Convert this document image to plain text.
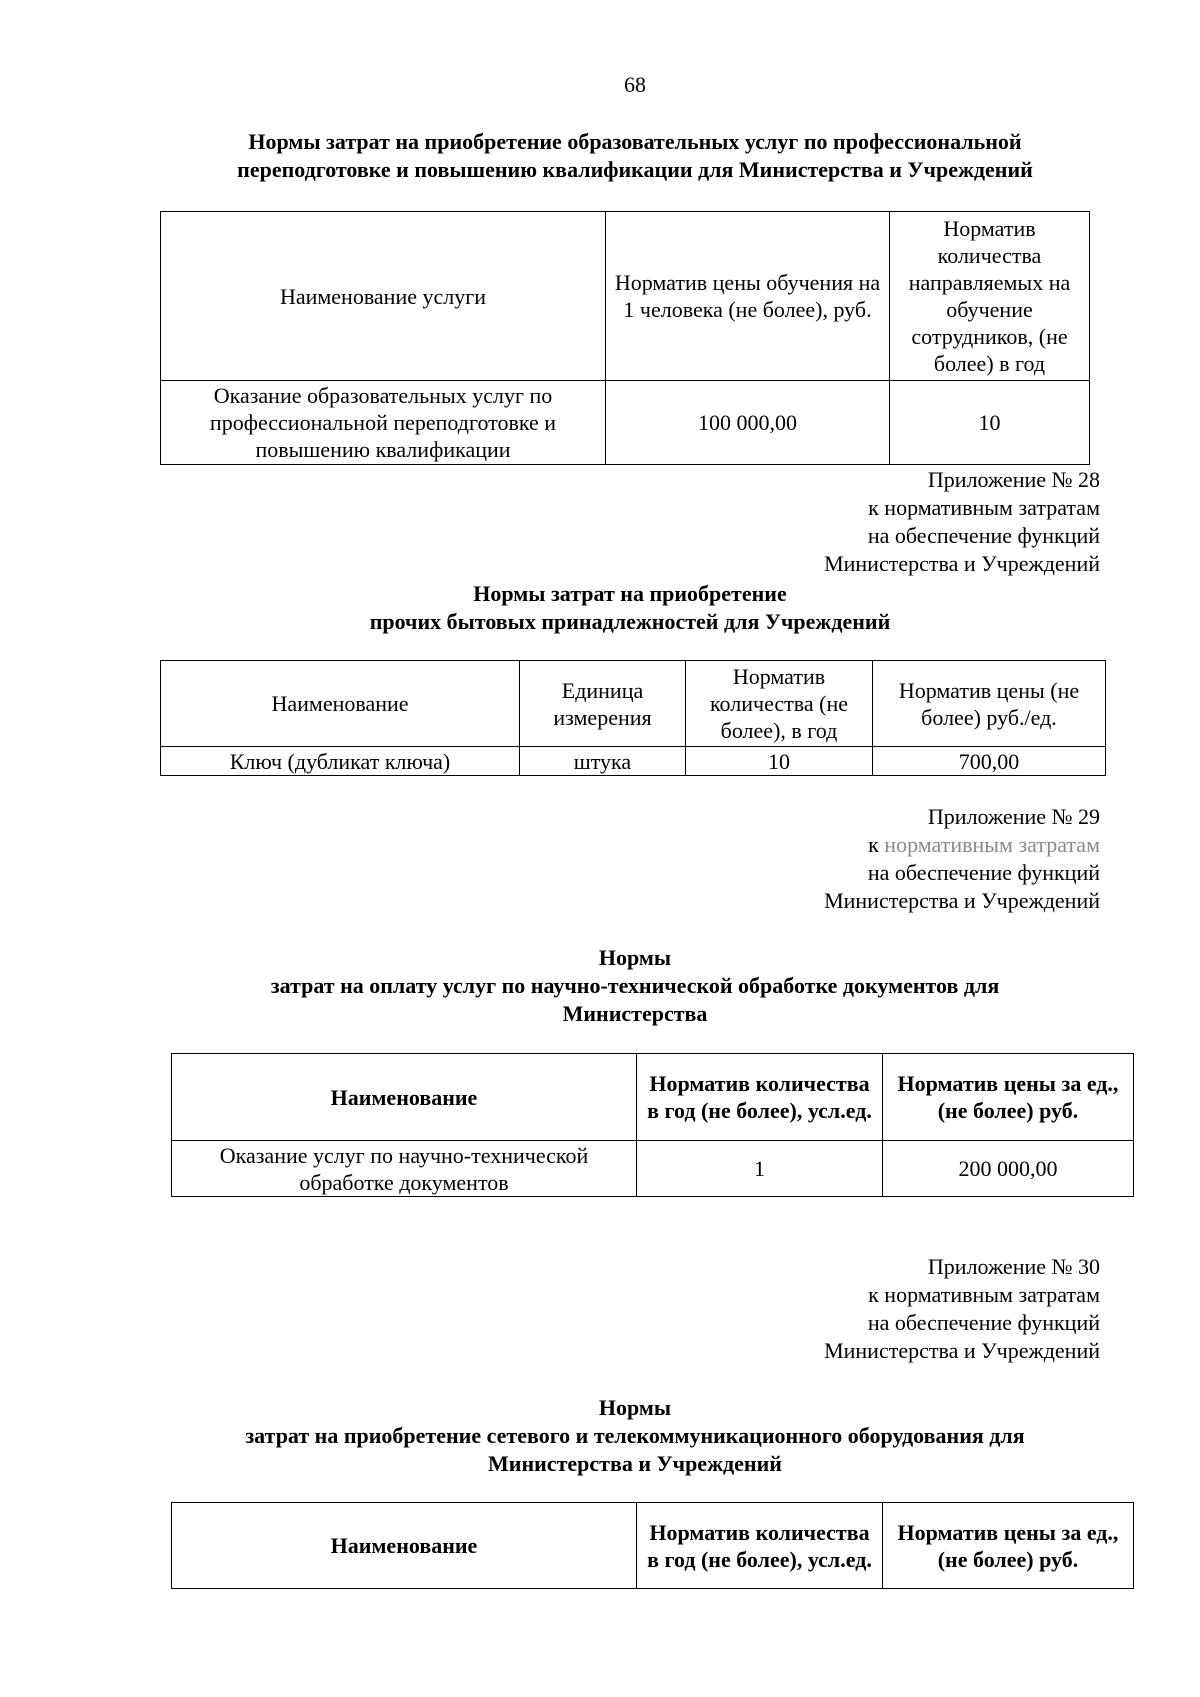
68
Нормы затрат на приобретение образовательных услуг по профессиональной
переподготовке и повышению квалификации для Министерства и Учреждений
Наименование услуги	Норматив цены обучения на 1 человека (не более), руб.	Норматив количества направляемых на обучение сотрудников, (не более) в год
Оказание образовательных услуг по профессиональной переподготовке и повышению квалификации	100 000,00	10
Приложение № 28
к нормативным затратам
на обеспечение функций
Министерства и Учреждений
Нормы затрат на приобретение
прочих бытовых принадлежностей для Учреждений
Наименование	Единица измерения	Норматив количества (не более), в год	Норматив цены (не более) руб./ед.
Ключ (дубликат ключа)	штука	10	700,00
Приложение № 29
к нормативным затратам
на обеспечение функций
Министерства и Учреждений
Нормы
затрат на оплату услуг по научно-технической обработке документов для
Министерства
Наименование	Норматив количества в год (не более), усл.ед.	Норматив цены за ед., (не более) руб.
Оказание услуг по научно-технической обработке документов	1	200 000,00
Приложение № 30
к нормативным затратам
на обеспечение функций
Министерства и Учреждений
Нормы
затрат на приобретение сетевого и телекоммуникационного оборудования для
Министерства и Учреждений
Наименование	Норматив количества в год (не более), усл.ед.	Норматив цены за ед., (не более) руб.
